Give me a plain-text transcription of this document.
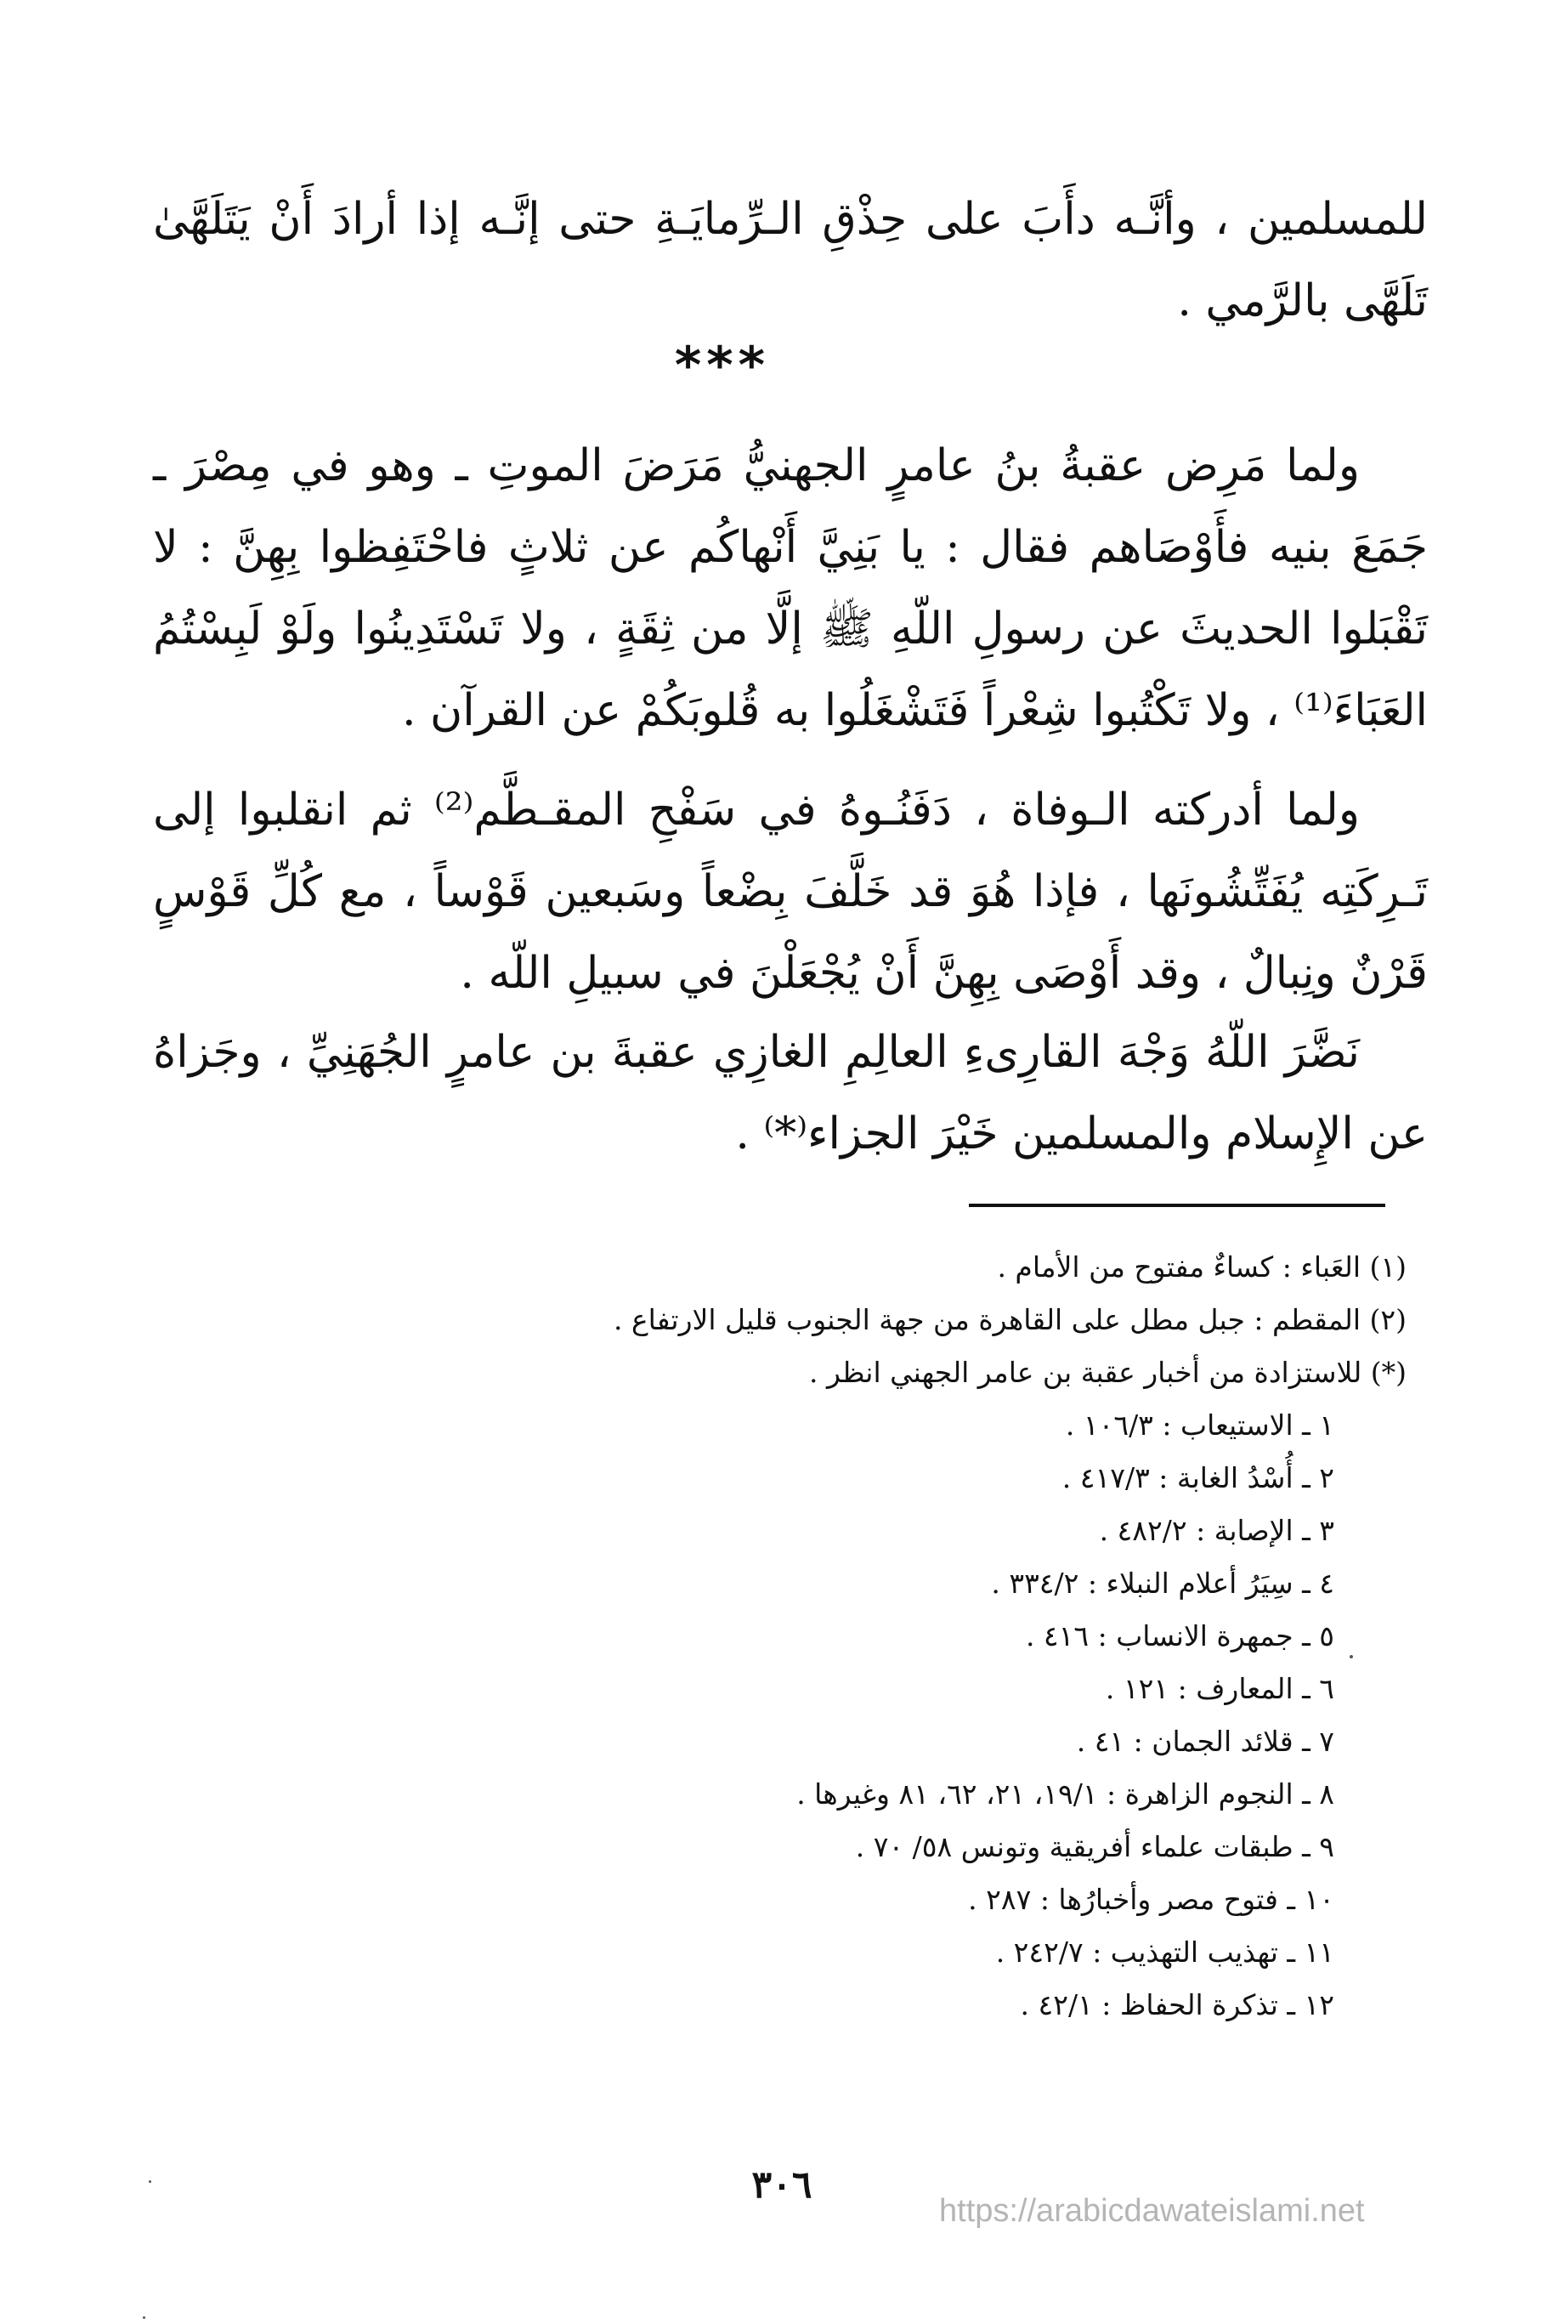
للمسلمين ، وأنَّـه دأَبَ على حِذْقِ الـرِّمايَـةِ حتى إنَّـه إذا أرادَ أَنْ يَتَلَهَّىٰ تَلَهَّى بالرَّمي .

***

ولما مَرِض عقبةُ بنُ عامرٍ الجهنيُّ مَرَضَ الموتِ ـ وهو في مِصْرَ ـ جَمَعَ بنيه فأَوْصَاهم فقال : يا بَنِيَّ أَنْهاكُم عن ثلاثٍ فاحْتَفِظوا بِهِنَّ : لا تَقْبَلوا الحديثَ عن رسولِ اللّهِ ﷺ إلَّا من ثِقَةٍ ، ولا تَسْتَدِينُوا ولَوْ لَبِسْتُمُ العَبَاءَ⁽¹⁾ ، ولا تَكْتُبوا شِعْراً فَتَشْغَلُوا به قُلوبَكُمْ عن القرآن .

ولما أدركته الـوفاة ، دَفَنُـوهُ في سَفْحِ المقـطَّم⁽²⁾ ثم انقلبوا إلى تَـرِكَتِه يُفَتِّشُونَها ، فإذا هُوَ قد خَلَّفَ بِضْعاً وسَبعين قَوْساً ، مع كُلِّ قَوْسٍ قَرْنٌ ونِبالٌ ، وقد أَوْصَى بِهِنَّ أَنْ يُجْعَلْنَ في سبيلِ اللّه .

نَضَّرَ اللّهُ وَجْهَ القارِىءِ العالِمِ الغازِي عقبةَ بن عامرٍ الجُهَنِيِّ ، وجَزاهُ عن الإِسلام والمسلمين خَيْرَ الجزاء⁽*⁾ .

(١) العَباء : كساءٌ مفتوح من الأمام .
(٢) المقطم : جبل مطل على القاهرة من جهة الجنوب قليل الارتفاع .
(*) للاستزادة من أخبار عقبة بن عامر الجهني انظر .
١ ـ الاستيعاب : ١٠٦/٣ .
٢ ـ أُسْدُ الغابة : ٤١٧/٣ .
٣ ـ الإصابة : ٤٨٢/٢ .
٤ ـ سِيَرُ أعلام النبلاء : ٣٣٤/٢ .
٥ ـ جمهرة الانساب : ٤١٦ .
٦ ـ المعارف : ١٢١ .
٧ ـ قلائد الجمان : ٤١ .
٨ ـ النجوم الزاهرة : ١٩/١، ٢١، ٦٢، ٨١ وغيرها .
٩ ـ طبقات علماء أفريقية وتونس ٥٨/ ٧٠ .
١٠ ـ فتوح مصر وأخبارُها : ٢٨٧ .
١١ ـ تهذيب التهذيب : ٢٤٢/٧ .
١٢ ـ تذكرة الحفاظ : ٤٢/١ .
٣٠٦
https://arabicdawateislami.net
